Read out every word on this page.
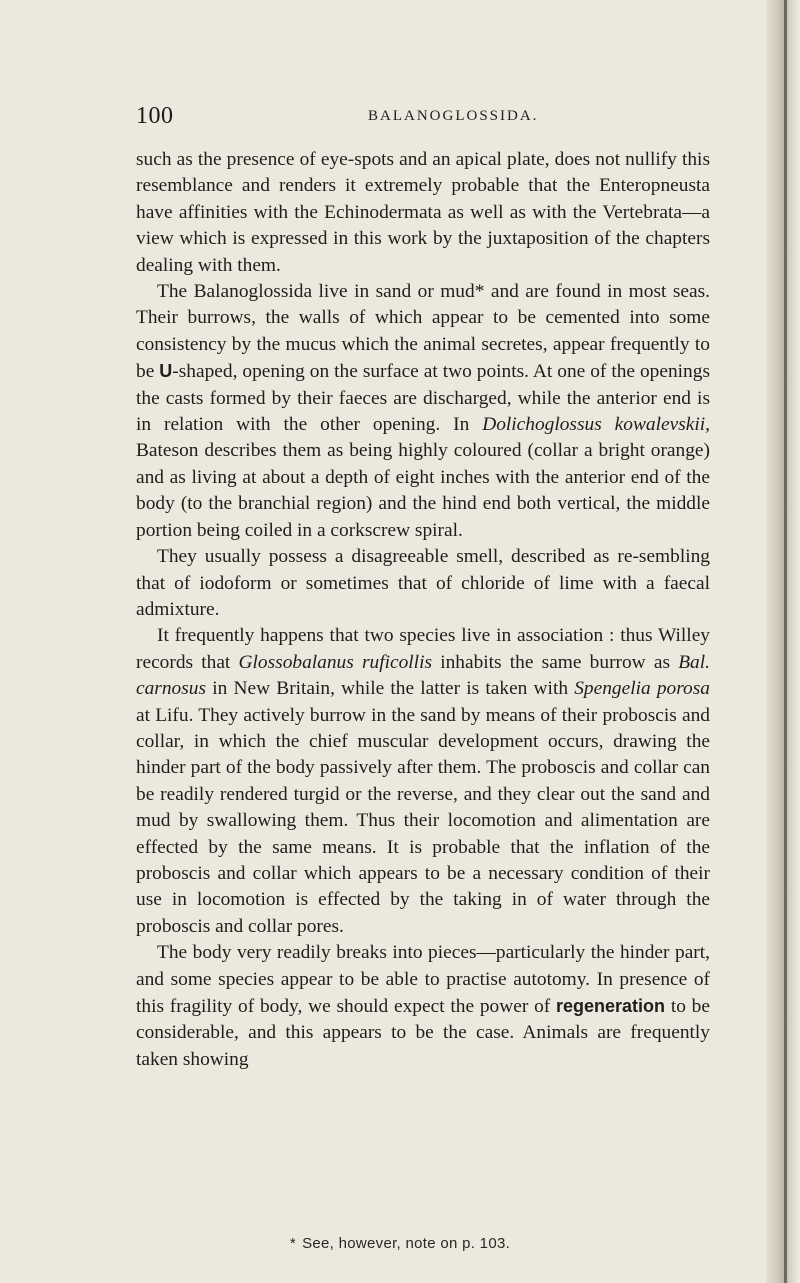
100	BALANOGLOSSIDA.

such as the presence of eye-spots and an apical plate, does not nullify this resemblance and renders it extremely probable that the Enteropneusta have affinities with the Echinodermata as well as with the Vertebrata—a view which is expressed in this work by the juxtaposition of the chapters dealing with them.

The Balanoglossida live in sand or mud* and are found in most seas. Their burrows, the walls of which appear to be cemented into some consistency by the mucus which the animal secretes, appear frequently to be U-shaped, opening on the surface at two points. At one of the openings the casts formed by their faeces are discharged, while the anterior end is in relation with the other opening. In Dolichoglossus kowalevskii, Bateson describes them as being highly coloured (collar a bright orange) and as living at about a depth of eight inches with the anterior end of the body (to the branchial region) and the hind end both vertical, the middle portion being coiled in a corkscrew spiral.

They usually possess a disagreeable smell, described as re-sembling that of iodoform or sometimes that of chloride of lime with a faecal admixture.

It frequently happens that two species live in association : thus Willey records that Glossobalanus ruficollis inhabits the same burrow as Bal. carnosus in New Britain, while the latter is taken with Spengelia porosa at Lifu. They actively burrow in the sand by means of their proboscis and collar, in which the chief muscular development occurs, drawing the hinder part of the body passively after them. The proboscis and collar can be readily rendered turgid or the reverse, and they clear out the sand and mud by swallowing them. Thus their locomotion and alimentation are effected by the same means. It is probable that the inflation of the proboscis and collar which appears to be a necessary condition of their use in locomotion is effected by the taking in of water through the proboscis and collar pores.

The body very readily breaks into pieces—particularly the hinder part, and some species appear to be able to practise autotomy. In presence of this fragility of body, we should expect the power of regeneration to be considerable, and this appears to be the case. Animals are frequently taken showing

* See, however, note on p. 103.
